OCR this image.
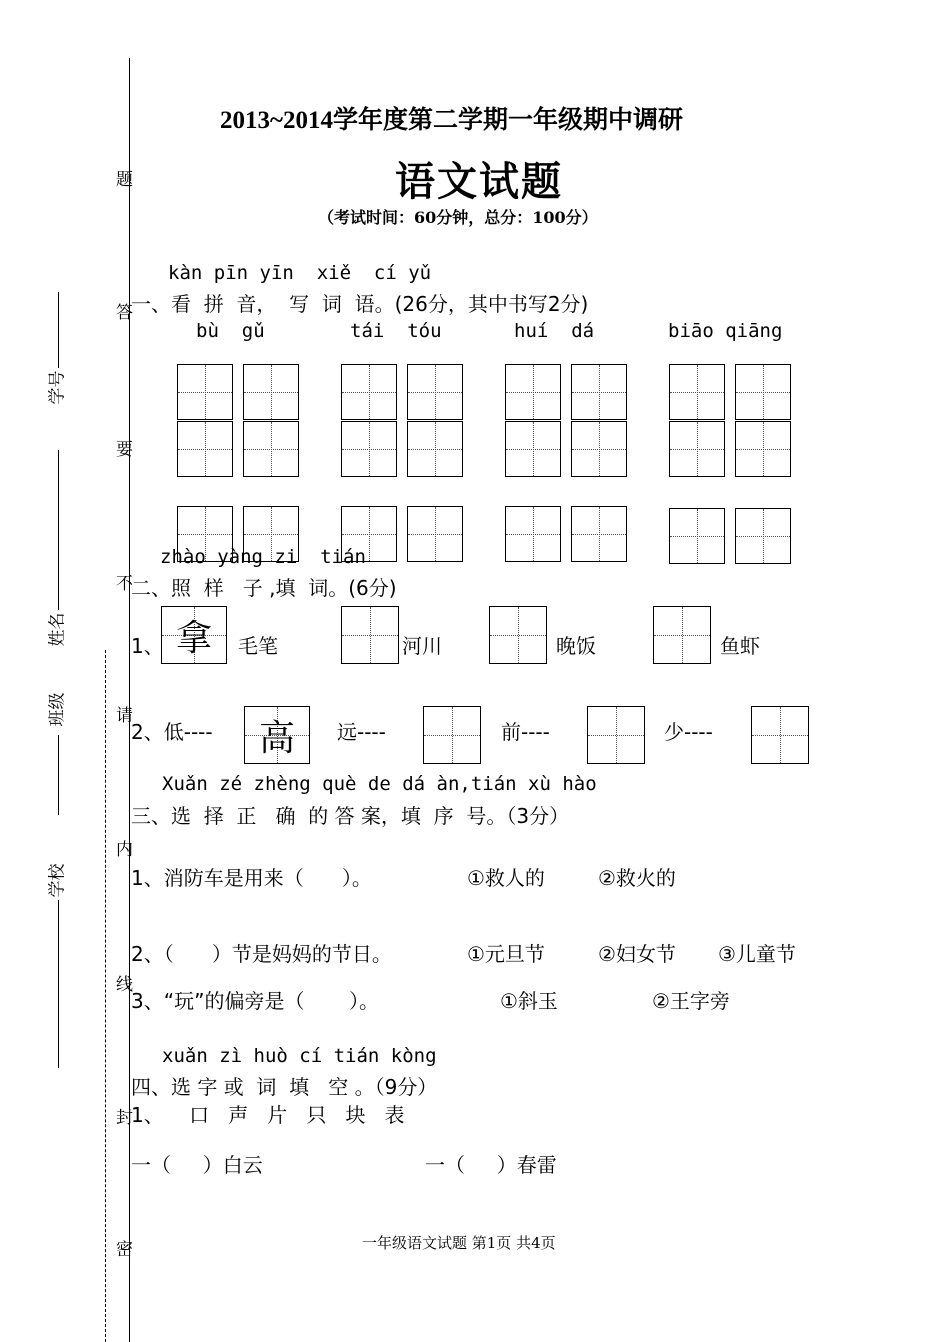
题
答
要
不
请
内
线
封
密
学号
姓名
班级
学校
2013~2014学年度第二学期一年级期中调研
语文试题
（考试时间：60分钟，总分：100分）
kàn pīn yīn  xiě  cí yǔ
一、看  拼  音，  写  词  语。(26分，其中书写2分)
bù  gǔ	tái  tóu	huí  dá	biāo qiāng
zhào yàng zi  tián
二、照  样   子 ,填  词。(6分)
1、 拿	毛笔	河川	晚饭	鱼虾
2、低----	高	远----	前----	少----
Xuǎn zé zhèng què de dá àn,tián xù hào
三、选  择  正   确  的 答 案，填  序  号。（3分）
1、消防车是用来（      ）。	①救人的	②救火的
2、（      ）节是妈妈的节日。	①元旦节	②妇女节 ③儿童节
3、“玩”的偏旁是（       ）。	①斜玉	②王字旁
xuǎn zì huò cí tián kòng
四、选 字 或  词  填   空 。（9分）
1、    口   声   片   只   块   表
一（     ）白云	一（     ）春雷
一年级语文试题 第1页 共4页
